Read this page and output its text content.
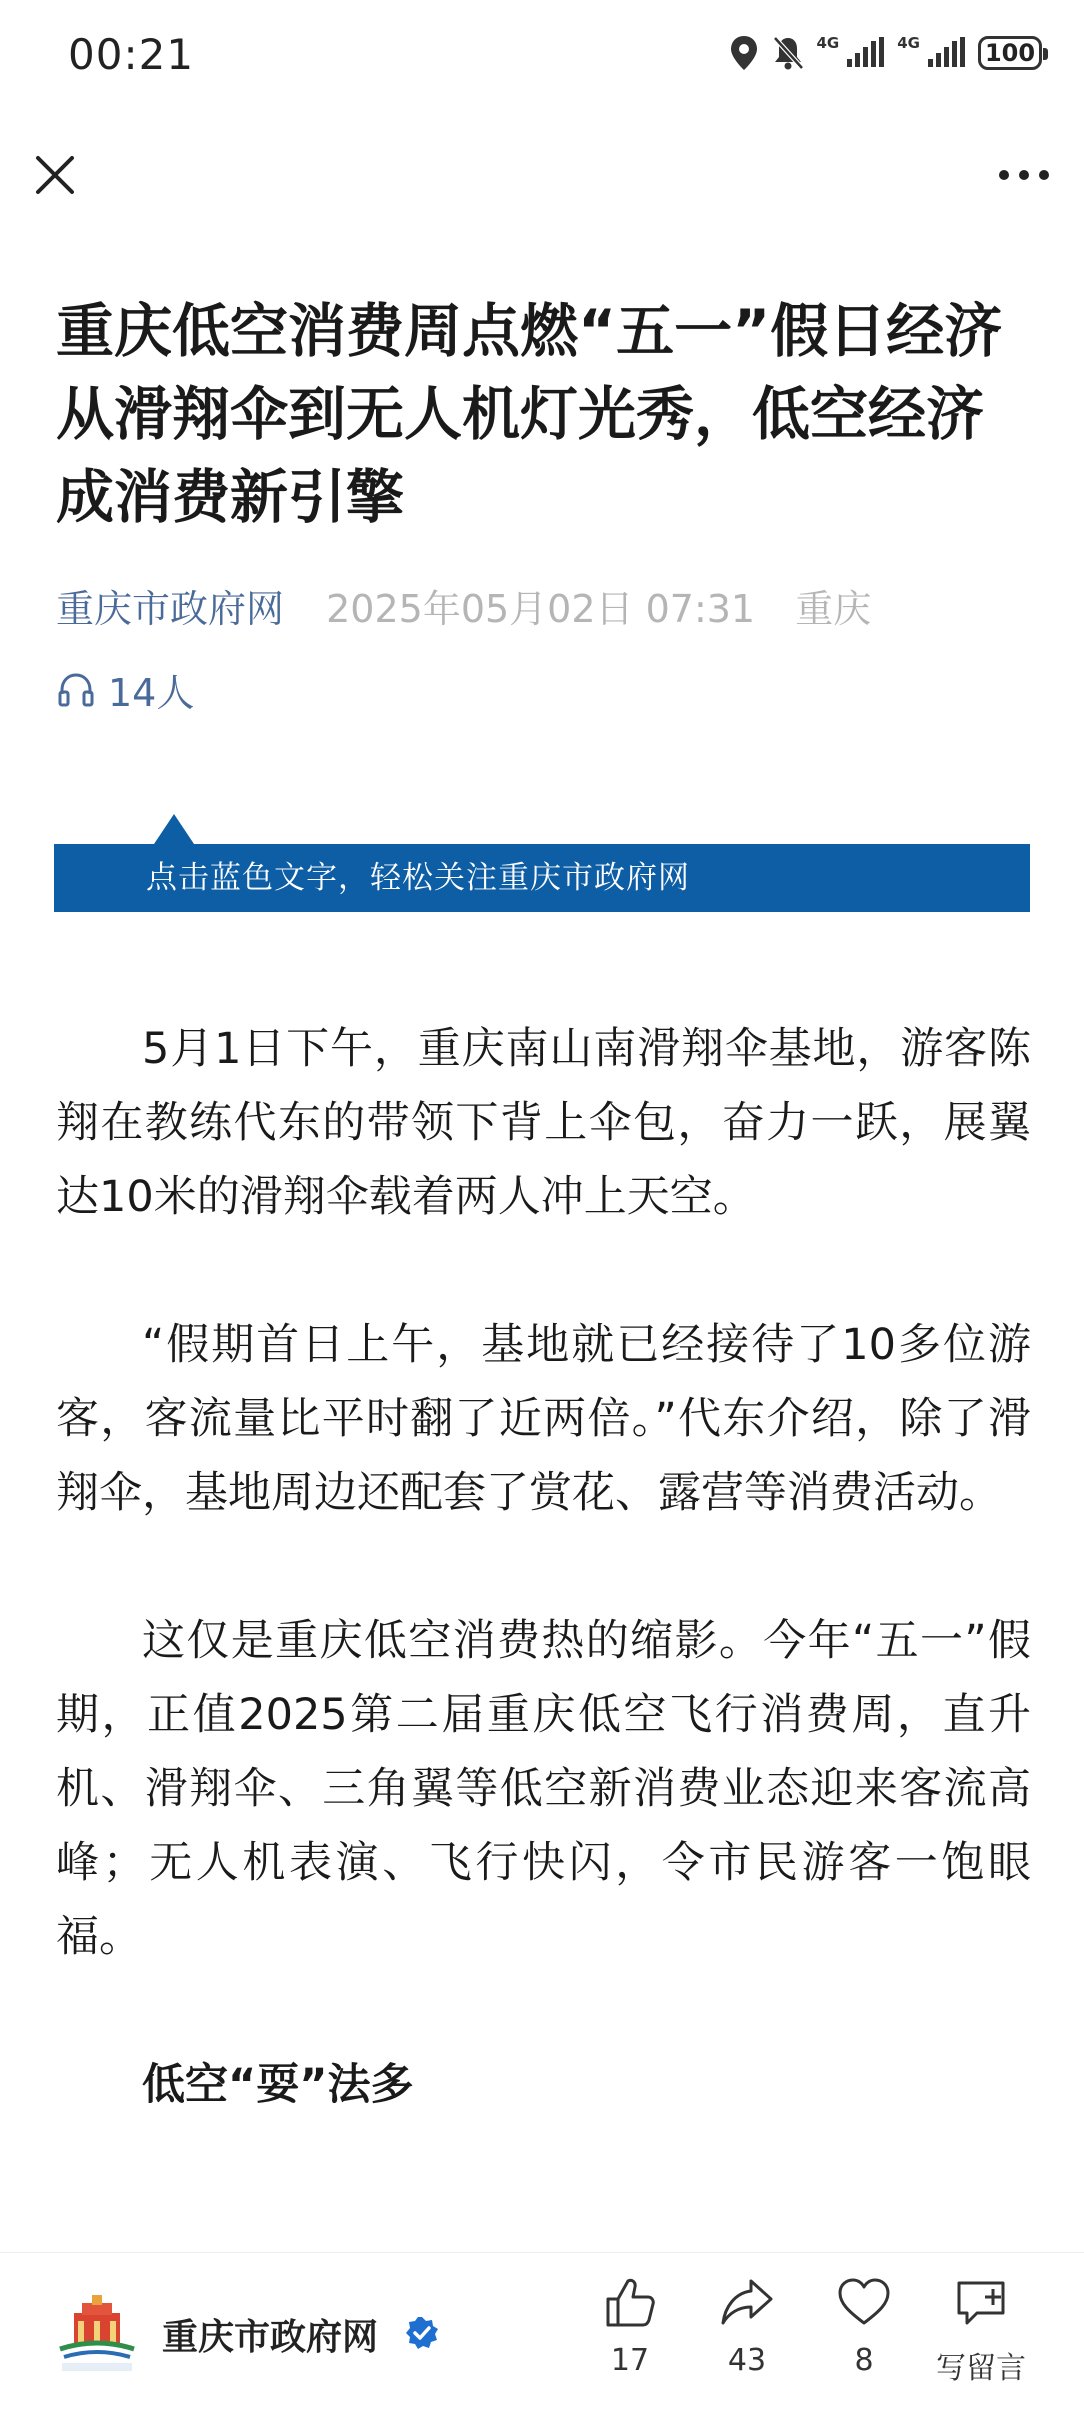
00:21	4G	4G	100
重庆低空消费周点燃“五一”假日经济 从滑翔伞到无人机灯光秀，低空经济成消费新引擎
重庆市政府网 2025年05月02日 07:31 重庆
14人
点击蓝色文字，轻松关注重庆市政府网

5月1日下午，重庆南山南滑翔伞基地，游客陈翔在教练代东的带领下背上伞包，奋力一跃，展翼达10米的滑翔伞载着两人冲上天空。

“假期首日上午，基地就已经接待了10多位游客，客流量比平时翻了近两倍。”代东介绍，除了滑翔伞，基地周边还配套了赏花、露营等消费活动。

这仅是重庆低空消费热的缩影。今年“五一”假期，正值2025第二届重庆低空飞行消费周，直升机、滑翔伞、三角翼等低空新消费业态迎来客流高峰；无人机表演、飞行快闪，令市民游客一饱眼福。

低空“耍”法多

重庆市政府网
17	43	8	写留言
